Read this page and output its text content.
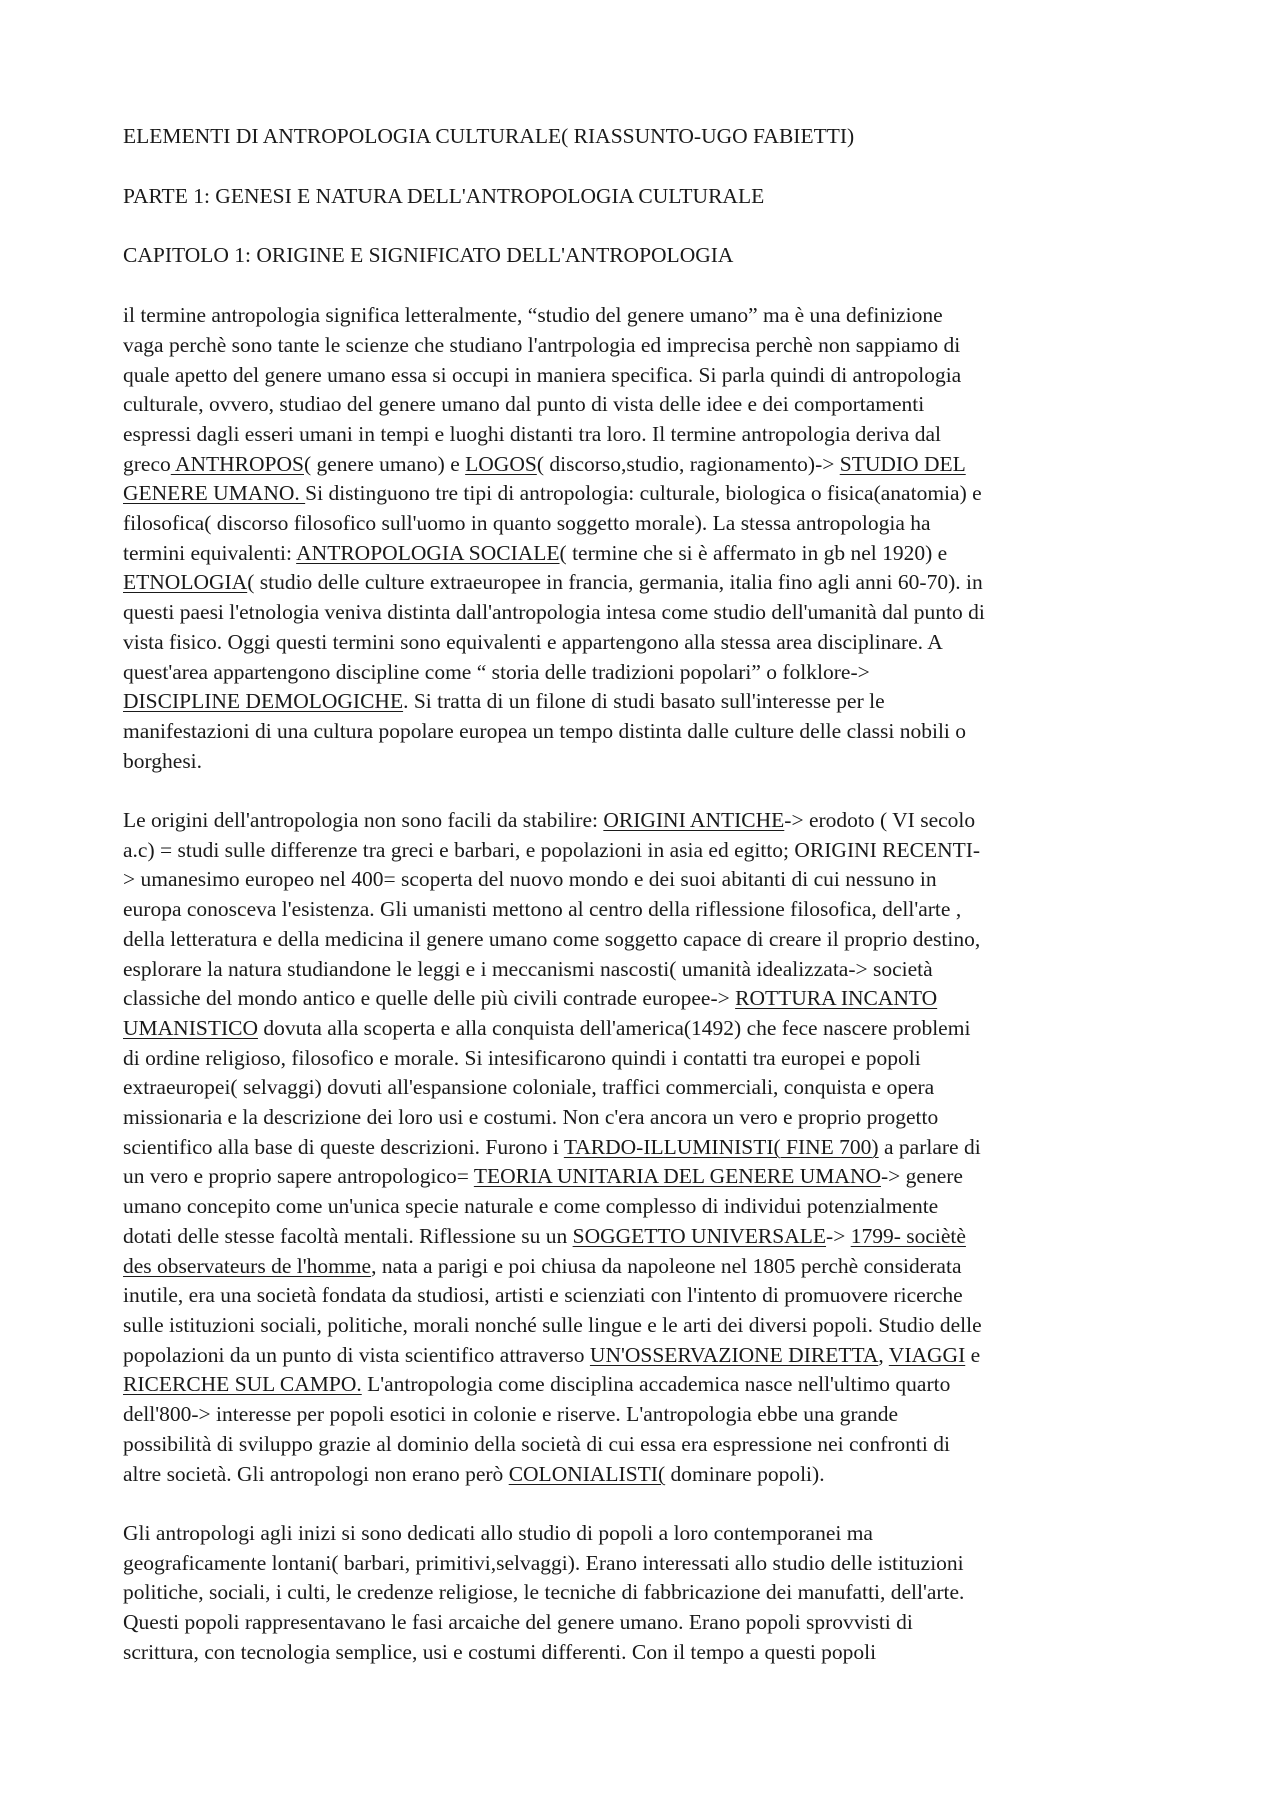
ELEMENTI DI ANTROPOLOGIA CULTURALE( RIASSUNTO-UGO FABIETTI)

PARTE 1: GENESI E NATURA DELL'ANTROPOLOGIA CULTURALE

CAPITOLO 1: ORIGINE E SIGNIFICATO DELL'ANTROPOLOGIA

il termine antropologia significa letteralmente, “studio del genere umano” ma è una definizione
vaga perchè sono tante le scienze che studiano l'antrpologia ed imprecisa perchè non sappiamo di
quale apetto del genere umano essa si occupi in maniera specifica. Si parla quindi di antropologia
culturale, ovvero, studiao del genere umano dal punto di vista delle idee e dei comportamenti
espressi dagli esseri umani in tempi e luoghi distanti tra loro. Il termine antropologia deriva dal
greco ANTHROPOS( genere umano) e LOGOS( discorso,studio, ragionamento)-> STUDIO DEL
GENERE UMANO. Si distinguono tre tipi di antropologia: culturale, biologica o fisica(anatomia) e
filosofica( discorso filosofico sull'uomo in quanto soggetto morale). La stessa antropologia ha
termini equivalenti: ANTROPOLOGIA SOCIALE( termine che si è affermato in gb nel 1920) e
ETNOLOGIA( studio delle culture extraeuropee in francia, germania, italia fino agli anni 60-70). in
questi paesi l'etnologia veniva distinta dall'antropologia intesa come studio dell'umanità dal punto di
vista fisico. Oggi questi termini sono equivalenti e appartengono alla stessa area disciplinare. A
quest'area appartengono discipline come “ storia delle tradizioni popolari” o folklore->
DISCIPLINE DEMOLOGICHE. Si tratta di un filone di studi basato sull'interesse per le
manifestazioni di una cultura popolare europea un tempo distinta dalle culture delle classi nobili o
borghesi.
Le origini dell'antropologia non sono facili da stabilire: ORIGINI ANTICHE-> erodoto ( VI secolo
a.c) = studi sulle differenze tra greci e barbari, e popolazioni in asia ed egitto; ORIGINI RECENTI-
> umanesimo europeo nel 400= scoperta del nuovo mondo e dei suoi abitanti di cui nessuno in
europa conosceva l'esistenza. Gli umanisti mettono al centro della riflessione filosofica, dell'arte ,
della letteratura e della medicina il genere umano come soggetto capace di creare il proprio destino,
esplorare la natura studiandone le leggi e i meccanismi nascosti( umanità idealizzata-> società
classiche del mondo antico e quelle delle più civili contrade europee-> ROTTURA INCANTO
UMANISTICO dovuta alla scoperta e alla conquista dell'america(1492) che fece nascere problemi
di ordine religioso, filosofico e morale. Si intesificarono quindi i contatti tra europei e popoli
extraeuropei( selvaggi) dovuti all'espansione coloniale, traffici commerciali, conquista e opera
missionaria e la descrizione dei loro usi e costumi. Non c'era ancora un vero e proprio progetto
scientifico alla base di queste descrizioni. Furono i TARDO-ILLUMINISTI( FINE 700) a parlare di
un vero e proprio sapere antropologico= TEORIA UNITARIA DEL GENERE UMANO-> genere
umano concepito come un'unica specie naturale e come complesso di individui potenzialmente
dotati delle stesse facoltà mentali. Riflessione su un SOGGETTO UNIVERSALE-> 1799- sociètè
des observateurs de l'homme, nata a parigi e poi chiusa da napoleone nel 1805 perchè considerata
inutile, era una società fondata da studiosi, artisti e scienziati con l'intento di promuovere ricerche
sulle istituzioni sociali, politiche, morali nonché sulle lingue e le arti dei diversi popoli. Studio delle
popolazioni da un punto di vista scientifico attraverso UN'OSSERVAZIONE DIRETTA, VIAGGI e
RICERCHE SUL CAMPO. L'antropologia come disciplina accademica nasce nell'ultimo quarto
dell'800-> interesse per popoli esotici in colonie e riserve. L'antropologia ebbe una grande
possibilità di sviluppo grazie al dominio della società di cui essa era espressione nei confronti di
altre società. Gli antropologi non erano però COLONIALISTI( dominare popoli).
Gli antropologi agli inizi si sono dedicati allo studio di popoli a loro contemporanei ma
geograficamente lontani( barbari, primitivi,selvaggi). Erano interessati allo studio delle istituzioni
politiche, sociali, i culti, le credenze religiose, le tecniche di fabbricazione dei manufatti, dell'arte.
Questi popoli rappresentavano le fasi arcaiche del genere umano. Erano popoli sprovvisti di
scrittura, con tecnologia semplice, usi e costumi differenti. Con il tempo a questi popoli
